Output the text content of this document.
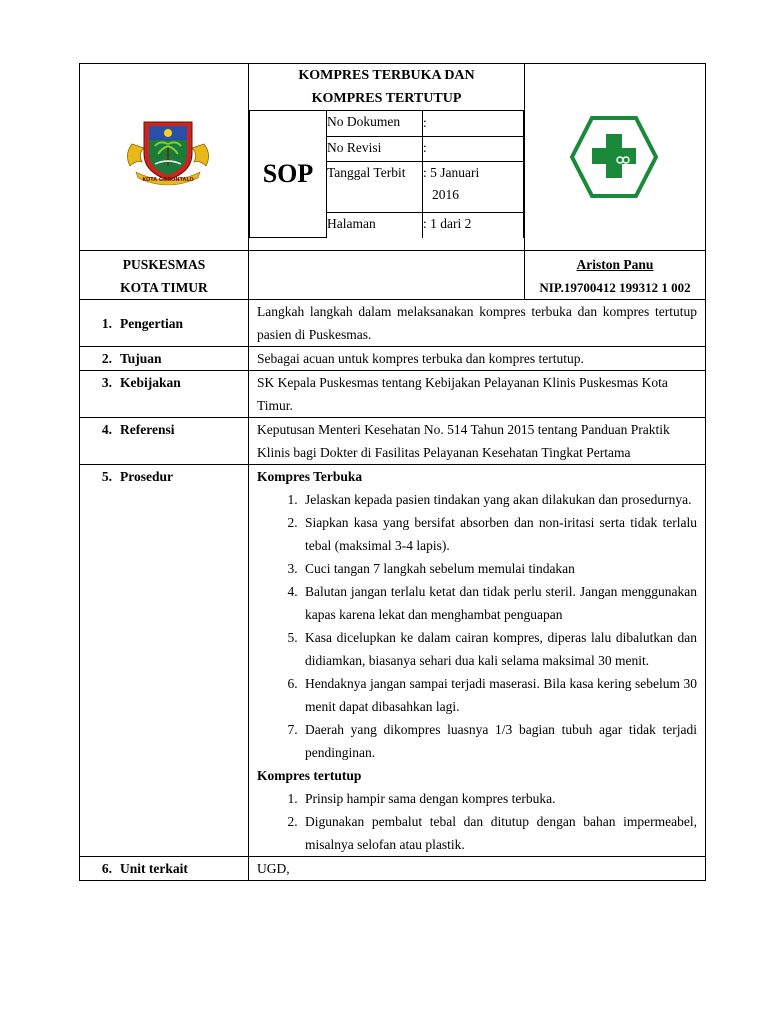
KOTA GORONTALO

KOMPRES TERBUKA DAN
KOMPRES TERTUTUP
SOP	No Dokumen	:
No Revisi	:
Tanggal Terbit	: 5 Januari
2016

Halaman	: 1 dari 2

PUSKESMAS
KOTA TIMUR

Ariston Panu
NIP.19700412 199312 1 002

1. Pengertian	Langkah langkah dalam melaksanakan kompres terbuka dan kompres tertutup pasien di Puskesmas.
2. Tujuan	Sebagai acuan untuk kompres terbuka dan kompres tertutup.
3. Kebijakan	SK Kepala Puskesmas tentang Kebijakan Pelayanan Klinis Puskesmas Kota Timur.
4. Referensi	Keputusan Menteri Kesehatan No. 514 Tahun 2015 tentang Panduan Praktik Klinis bagi Dokter di Fasilitas Pelayanan Kesehatan Tingkat Pertama
5. Prosedur	Kompres Terbuka
1. Jelaskan kepada pasien tindakan yang akan dilakukan dan prosedurnya.
2. Siapkan kasa yang bersifat absorben dan non-iritasi serta tidak terlalu tebal (maksimal 3-4 lapis).
3. Cuci tangan 7 langkah sebelum memulai tindakan
4. Balutan jangan terlalu ketat dan tidak perlu steril. Jangan menggunakan kapas karena lekat dan menghambat penguapan
5. Kasa dicelupkan ke dalam cairan kompres, diperas lalu dibalutkan dan didiamkan, biasanya sehari dua kali selama maksimal 30 menit.
6. Hendaknya jangan sampai terjadi maserasi. Bila kasa kering sebelum 30 menit dapat dibasahkan lagi.
7. Daerah yang dikompres luasnya 1/3 bagian tubuh agar tidak terjadi pendinginan.
Kompres tertutup
1. Prinsip hampir sama dengan kompres terbuka.
2. Digunakan pembalut tebal dan ditutup dengan bahan impermeabel, misalnya selofan atau plastik.

6. Unit terkait	UGD,
